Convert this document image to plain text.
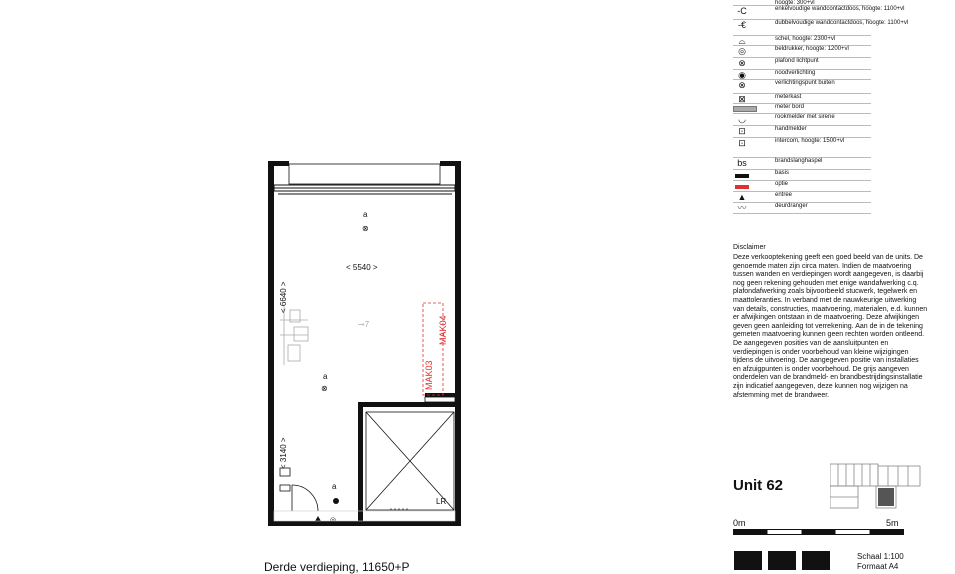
hoogte: 300+vl
-C	enkelvoudige wandcontactdoos, hoogte: 1100+vl
-€	dubbelvoudige wandcontactdoos, hoogte: 1100+vl
⌓	schel, hoogte: 2300+vl
◎	beldrukker, hoogte: 1200+vl
⊗	plafond lichtpunt
◉	noodverlichting
⊗	verlichtingspunt buiten
⊠	meterkast
meter bord
◡	rookmelder met sirene
⊡	handmelder
⊡	intercom, hoogte: 1500+vl
bs	brandslanghaspel
basis
optie
▲	entree
〰	deurdranger
Disclaimer
Deze verkooptekening geeft een goed beeld van de units. De genoemde maten zijn circa maten. Indien de maatvoering tussen wanden en verdiepingen wordt aangegeven, is daarbij nog geen rekening gehouden met enige wandafwerking c.q. plafondafwerking zoals bijvoorbeeld stucwerk, tegelwerk en maattoleranties. In verband met de nauwkeurige uitwerking van details, constructies, maatvoering, materialen, e.d. kunnen er afwijkingen ontstaan in de maatvoering. Deze afwijkingen geven geen aanleiding tot verrekening. Aan de in de tekening gemeten maatvoering kunnen geen rechten worden ontleend. De aangegeven posities van de aansluitpunten en verdiepingen is onder voorbehoud van kleine wijzigingen tijdens de uitvoering. De aangegeven positie van installaties en afzuigpunten is onder voorbehoud. De grijs aangeven onderdelen van de brandmeld- en brandbestrijdingsinstallatie zijn indicatief aangegeven, deze kunnen nog wijzigen na afstemming met de brandweer.
Unit 62
0m	5m
Schaal 1:100
Formaat A4
MAK04
MAK03
⊸7
< 5540 >
< 6640 >
< 3140 >
a
⊗
a
⊗
a
◎
LR
Derde verdieping, 11650+P
